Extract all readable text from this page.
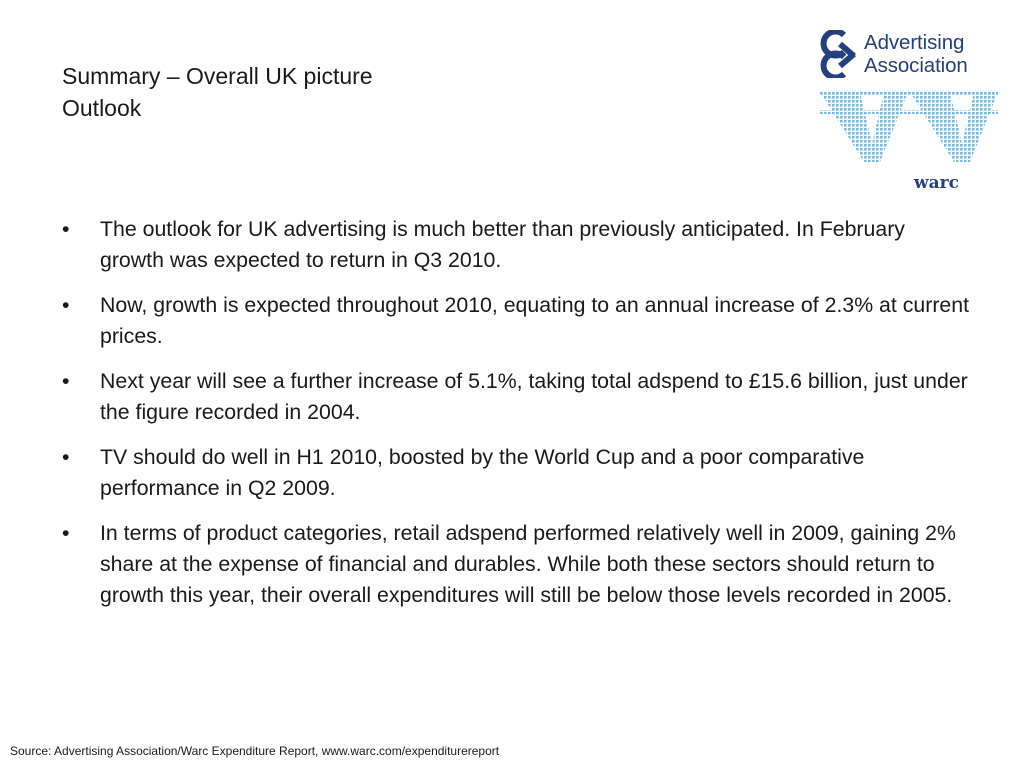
Summary – Overall UK picture
Outlook
Advertising
Association
warc
•	The outlook for UK advertising is much better than previously anticipated. In February growth was expected to return in Q3 2010.
•	Now, growth is expected throughout 2010, equating to an annual increase of 2.3% at current prices.
•	Next year will see a further increase of 5.1%, taking total adspend to £15.6 billion, just under the figure recorded in 2004.
•	TV should do well in H1 2010, boosted by the World Cup and a poor comparative performance in Q2 2009.
•	In terms of product categories, retail adspend performed relatively well in 2009, gaining 2% share at the expense of financial and durables. While both these sectors should return to growth this year, their overall expenditures will still be below those levels recorded in 2005.
Source: Advertising Association/Warc Expenditure Report, www.warc.com/expenditurereport
